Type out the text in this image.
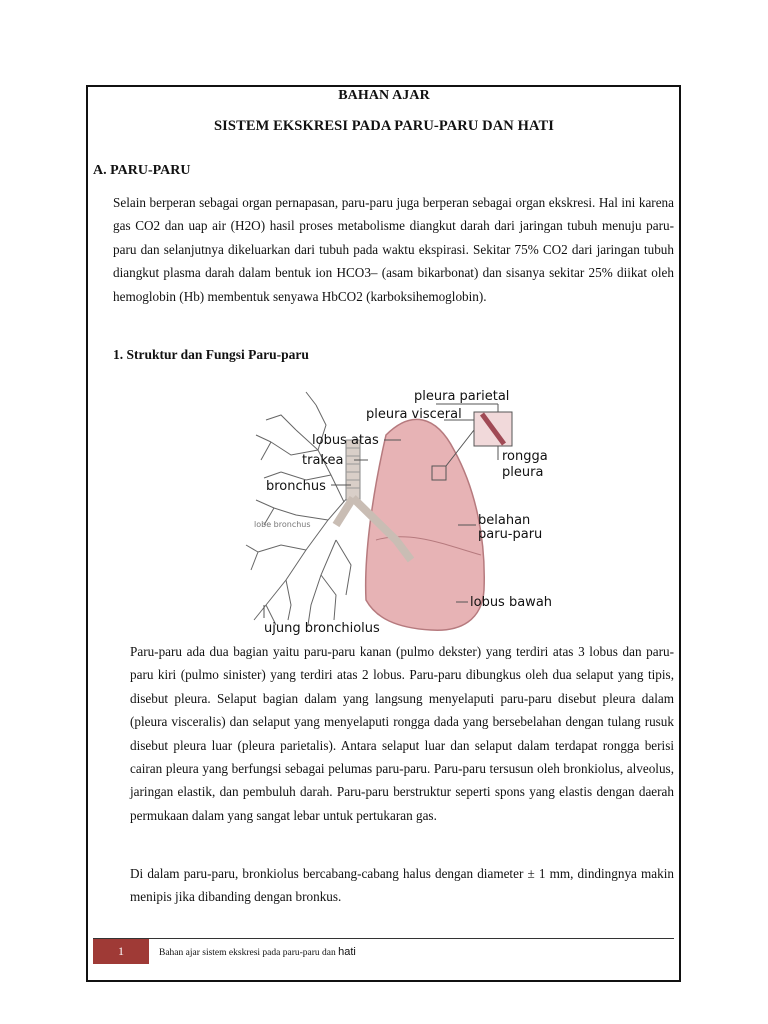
BAHAN AJAR
SISTEM EKSKRESI PADA PARU-PARU DAN HATI
A. PARU-PARU

Selain berperan sebagai organ pernapasan, paru-paru juga berperan sebagai organ ekskresi. Hal ini karena gas CO2 dan uap air (H2O) hasil proses metabolisme diangkut darah dari jaringan tubuh menuju paru-paru dan selanjutnya dikeluarkan dari tubuh pada waktu ekspirasi. Sekitar 75% CO2 dari jaringan tubuh diangkut plasma darah dalam bentuk ion HCO3– (asam bikarbonat) dan sisanya sekitar 25% diikat oleh hemoglobin (Hb) membentuk senyawa HbCO2 (karboksihemoglobin).

1. Struktur dan Fungsi Paru-paru
pleura parietal
pleura visceral
lobus atas
trakea
bronchus
lobe bronchus
rongga
pleura
belahan
paru-paru
lobus bawah
ujung bronchiolus

Paru-paru ada dua bagian yaitu paru-paru kanan (pulmo dekster) yang terdiri atas 3 lobus dan paru-paru kiri (pulmo sinister) yang terdiri atas 2 lobus. Paru-paru dibungkus oleh dua selaput yang tipis, disebut pleura. Selaput bagian dalam yang langsung menyelaputi paru-paru disebut pleura dalam (pleura visceralis) dan selaput yang menyelaputi rongga dada yang bersebelahan dengan tulang rusuk disebut pleura luar (pleura parietalis). Antara selaput luar dan selaput dalam terdapat rongga berisi cairan pleura yang berfungsi sebagai pelumas paru-paru. Paru-paru tersusun oleh bronkiolus, alveolus, jaringan elastik, dan pembuluh darah. Paru-paru berstruktur seperti spons yang elastis dengan daerah permukaan dalam yang sangat lebar untuk pertukaran gas.

Di dalam paru-paru, bronkiolus bercabang-cabang halus dengan diameter ± 1 mm, dindingnya makin menipis jika dibanding dengan bronkus.

1	Bahan ajar sistem ekskresi pada paru-paru dan hati
